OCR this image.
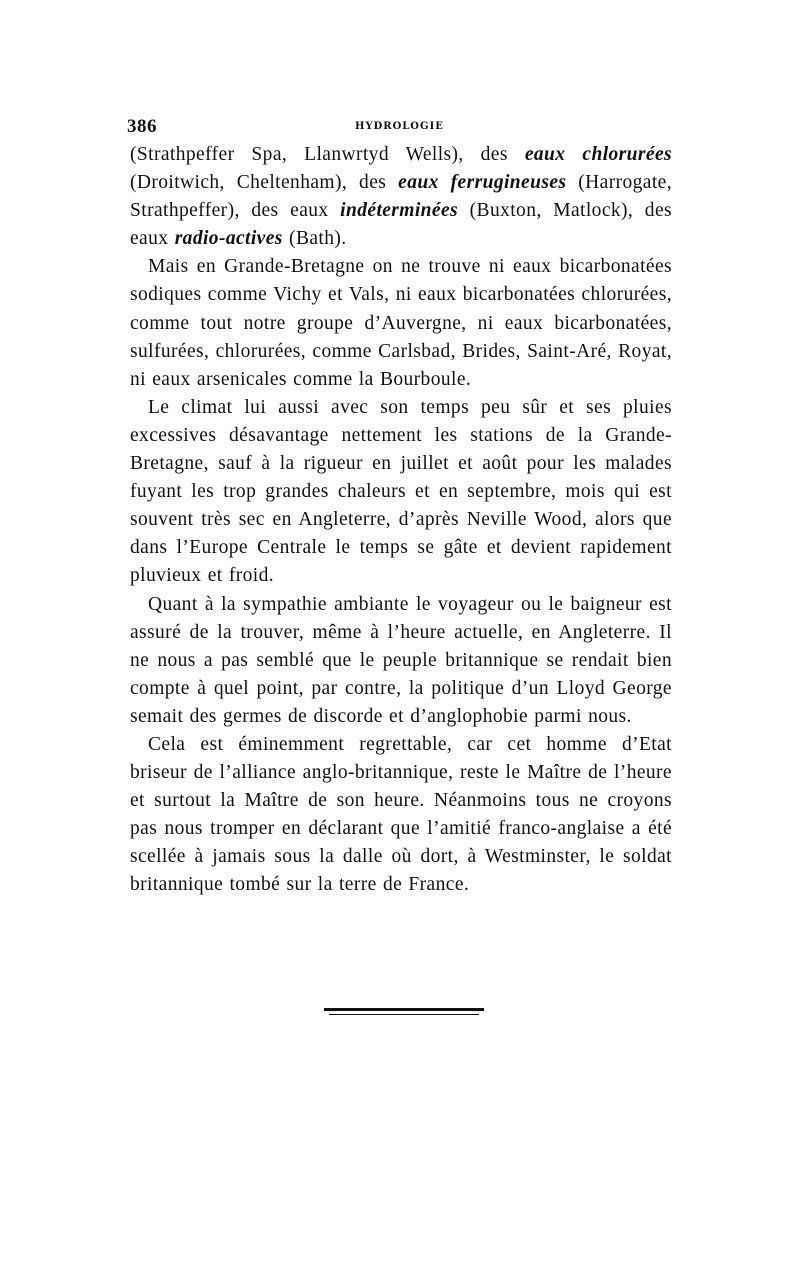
386	HYDROLOGIE

(Strathpeffer Spa, Llanwrtyd Wells), des eaux chlorurées (Droitwich, Cheltenham), des eaux ferrugineuses (Harrogate, Strathpeffer), des eaux indéterminées (Buxton, Matlock), des eaux radio-actives (Bath).

Mais en Grande-Bretagne on ne trouve ni eaux bicarbonatées sodiques comme Vichy et Vals, ni eaux bicarbonatées chlorurées, comme tout notre groupe d’Auvergne, ni eaux bicarbonatées, sulfurées, chlorurées, comme Carlsbad, Brides, Saint-Aré, Royat, ni eaux arsenicales comme la Bourboule.

Le climat lui aussi avec son temps peu sûr et ses pluies excessives désavantage nettement les stations de la Grande-Bretagne, sauf à la rigueur en juillet et août pour les malades fuyant les trop grandes chaleurs et en septembre, mois qui est souvent très sec en Angleterre, d’après Neville Wood, alors que dans l’Europe Centrale le temps se gâte et devient rapidement pluvieux et froid.

Quant à la sympathie ambiante le voyageur ou le baigneur est assuré de la trouver, même à l’heure actuelle, en Angleterre. Il ne nous a pas semblé que le peuple britannique se rendait bien compte à quel point, par contre, la politique d’un Lloyd George semait des germes de discorde et d’anglophobie parmi nous.

Cela est éminemment regrettable, car cet homme d’Etat briseur de l’alliance anglo-britannique, reste le Maître de l’heure et surtout la Maître de son heure. Néanmoins tous ne croyons pas nous tromper en déclarant que l’amitié franco-anglaise a été scellée à jamais sous la dalle où dort, à Westminster, le soldat britannique tombé sur la terre de France.
